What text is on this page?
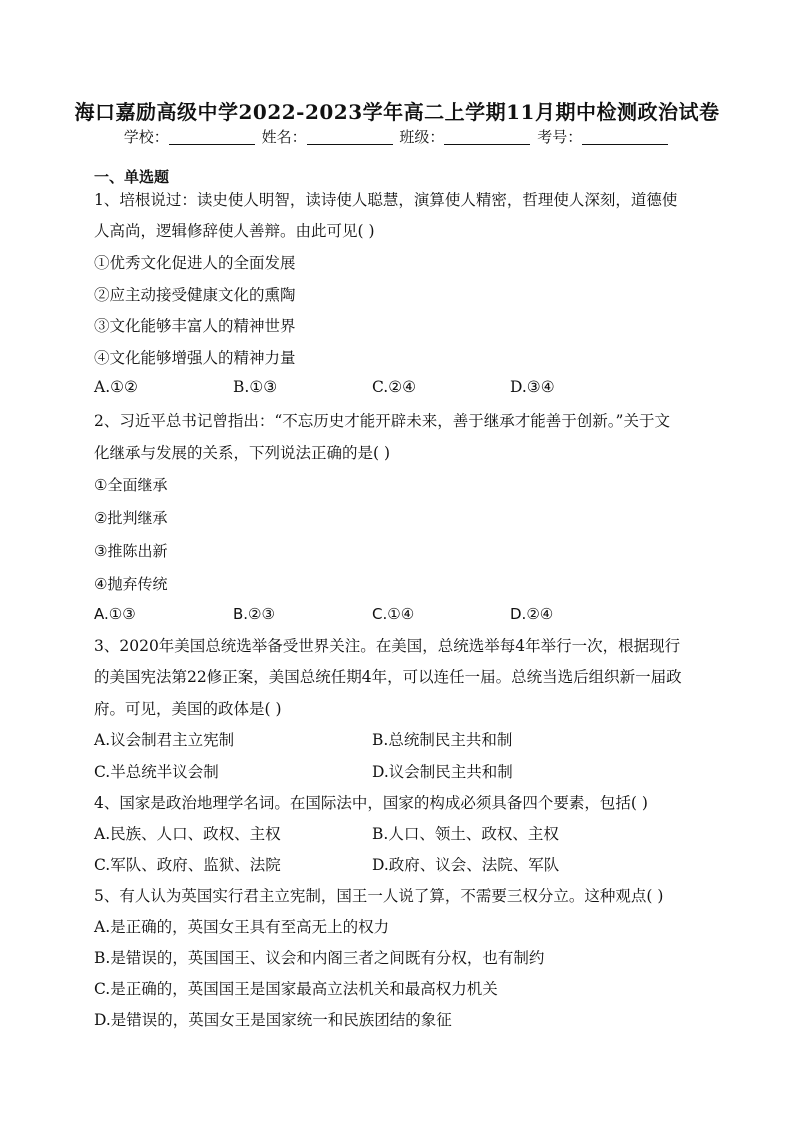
海口嘉励高级中学2022-2023学年高二上学期11月期中检测政治试卷
学校：	姓名：	班级：	考号：
一、单选题
1、培根说过：读史使人明智，读诗使人聪慧，演算使人精密，哲理使人深刻，道德使
人高尚，逻辑修辞使人善辩。由此可见( )
①优秀文化促进人的全面发展
②应主动接受健康文化的熏陶
③文化能够丰富人的精神世界
④文化能够增强人的精神力量
A.①②	B.①③	C.②④	D.③④
2、习近平总书记曾指出：“不忘历史才能开辟未来，善于继承才能善于创新。”关于文
化继承与发展的关系，下列说法正确的是( )
①全面继承
②批判继承
③推陈出新
④抛弃传统
A.①③	B.②③	C.①④	D.②④
3、2020年美国总统选举备受世界关注。在美国，总统选举每4年举行一次，根据现行
的美国宪法第22修正案，美国总统任期4年，可以连任一届。总统当选后组织新一届政
府。可见，美国的政体是( )
A.议会制君主立宪制	B.总统制民主共和制
C.半总统半议会制	D.议会制民主共和制
4、国家是政治地理学名词。在国际法中，国家的构成必须具备四个要素，包括( )
A.民族、人口、政权、主权	B.人口、领土、政权、主权
C.军队、政府、监狱、法院	D.政府、议会、法院、军队
5、有人认为英国实行君主立宪制，国王一人说了算，不需要三权分立。这种观点( )
A.是正确的，英国女王具有至高无上的权力
B.是错误的，英国国王、议会和内阁三者之间既有分权，也有制约
C.是正确的，英国国王是国家最高立法机关和最高权力机关
D.是错误的，英国女王是国家统一和民族团结的象征
